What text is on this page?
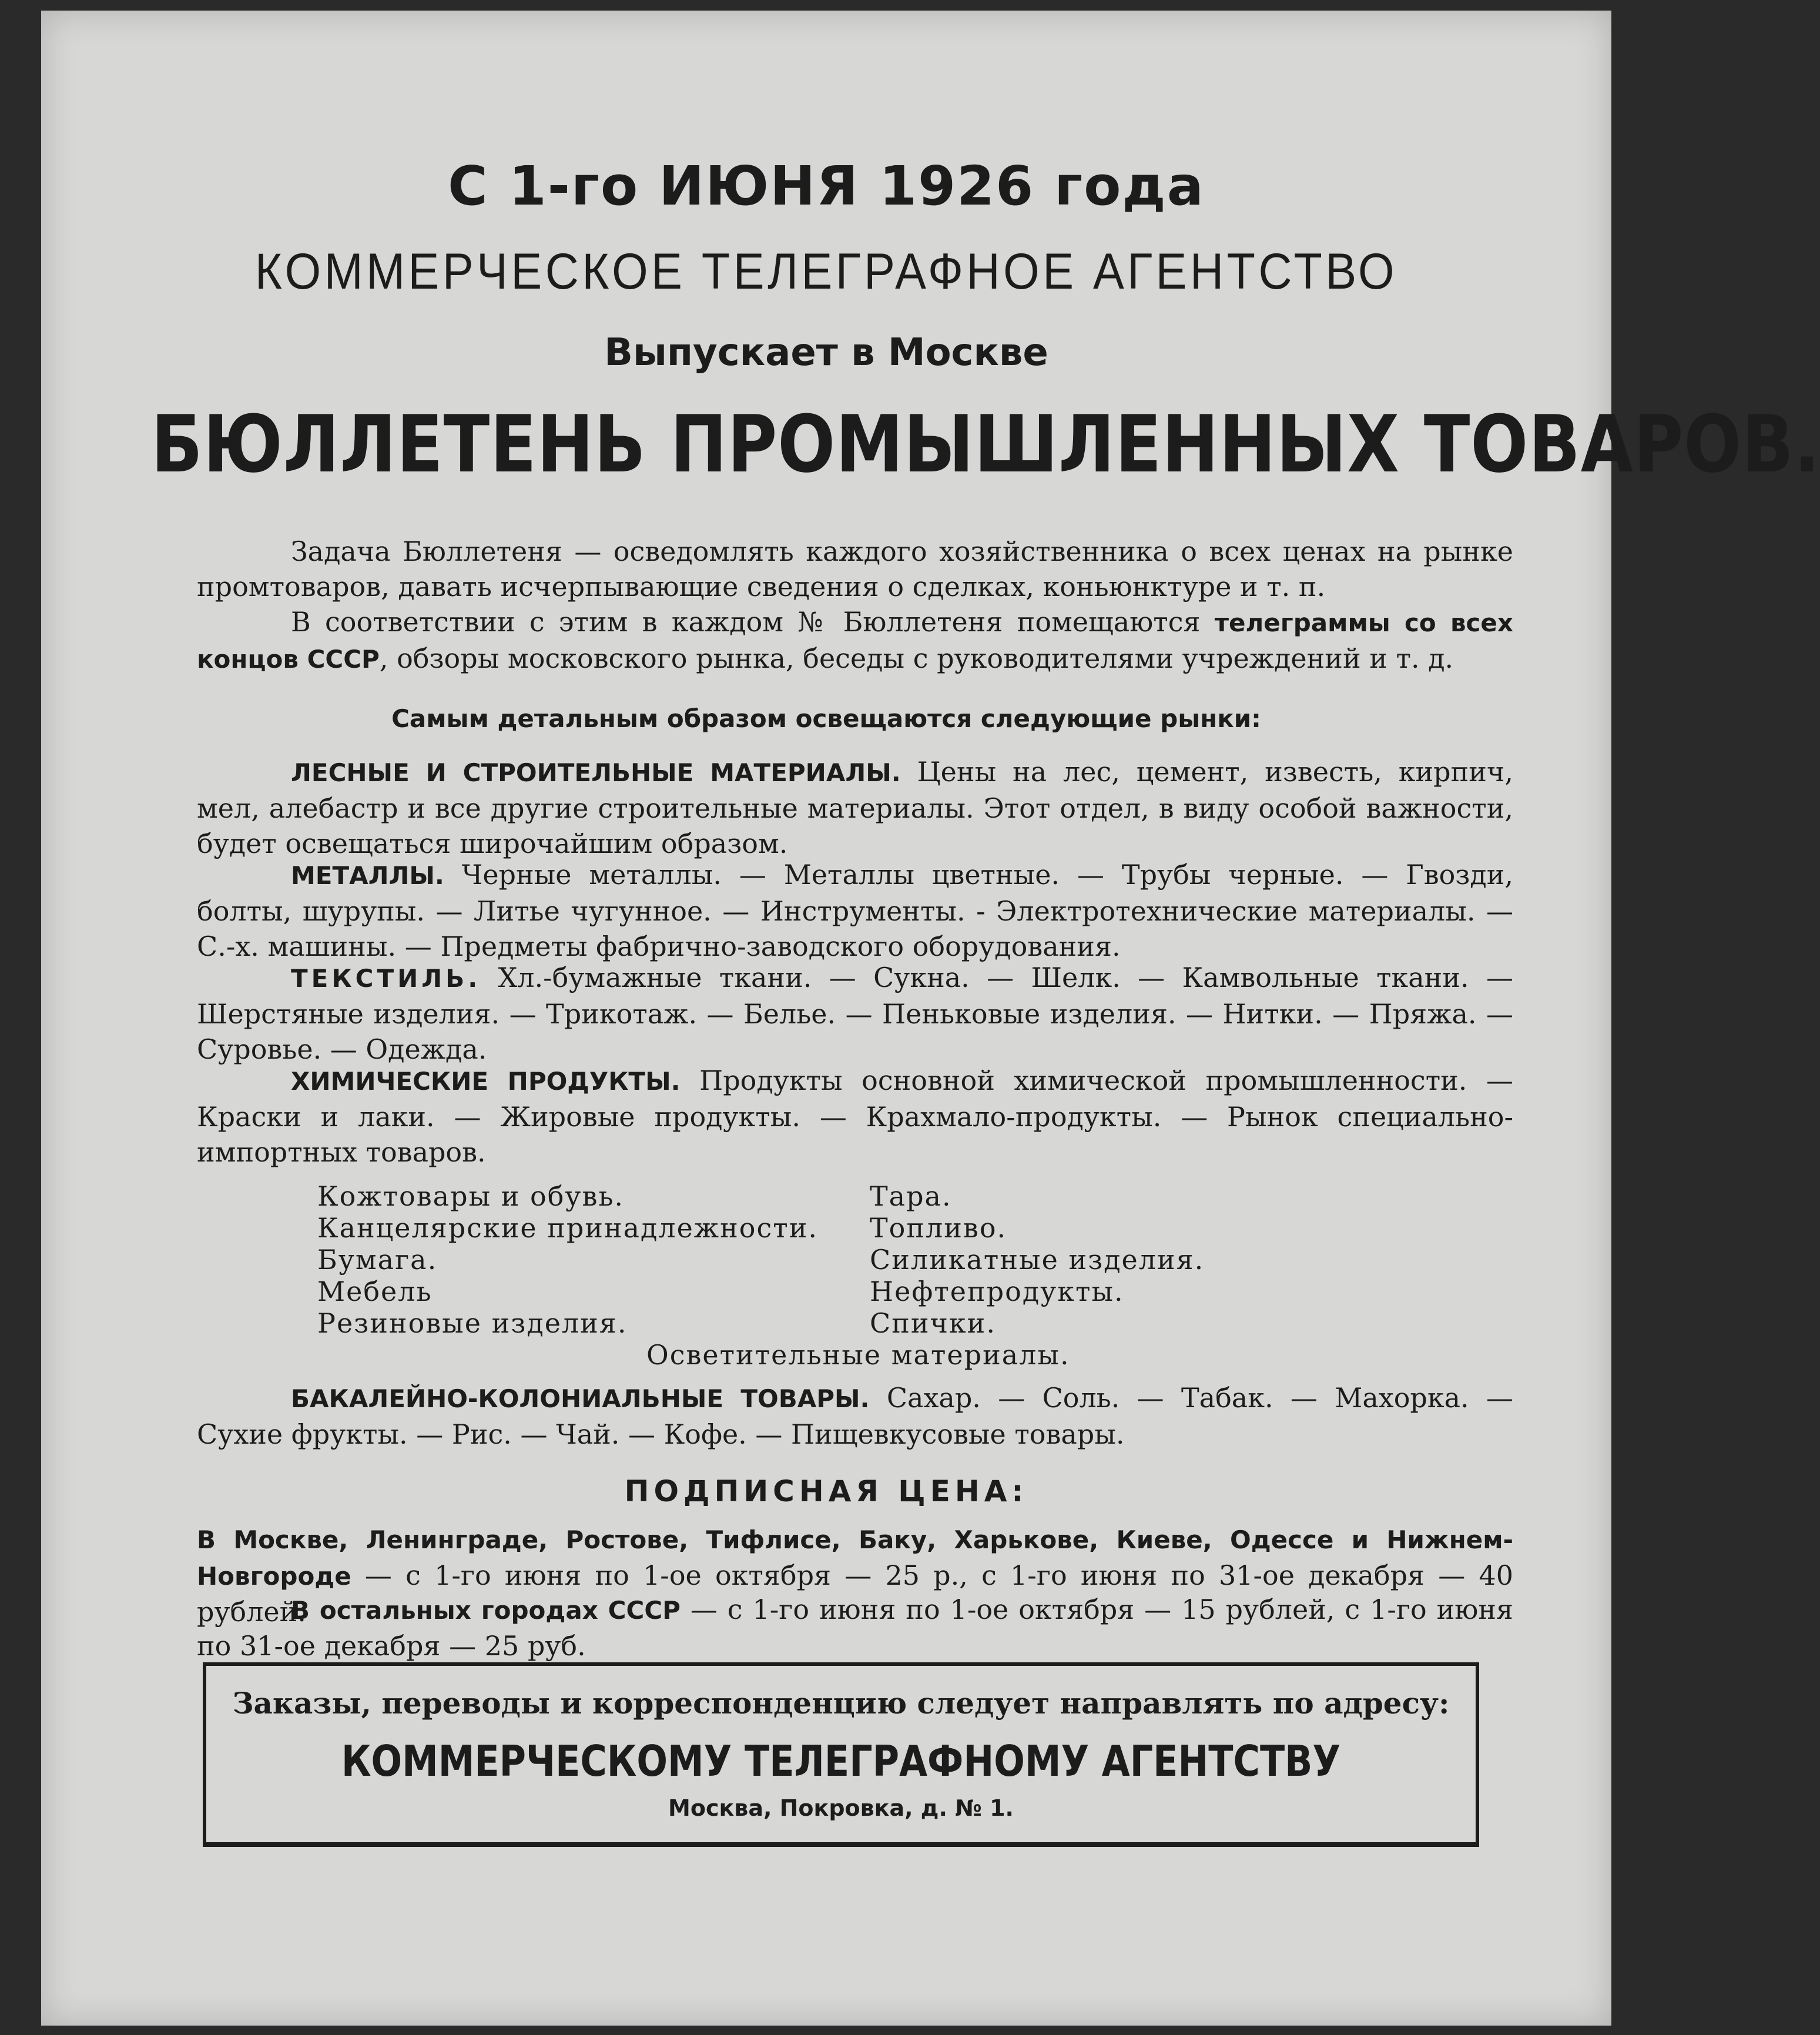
С 1-го ИЮНЯ 1926 года
КОММЕРЧЕСКОЕ ТЕЛЕГРАФНОЕ АГЕНТСТВО
Выпускает в Москве
БЮЛЛЕТЕНЬ ПРОМЫШЛЕННЫХ ТОВАРОВ.
Задача Бюллетеня — осведомлять каждого хозяйственника о всех ценах на рынке промтоваров, давать исчерпывающие сведения о сделках, коньюнктуре и т. п.
В соответствии с этим в каждом № Бюллетеня помещаются телеграммы со всех концов СССР, обзоры московского рынка, беседы с руководителями учреждений и т. д.
Самым детальным образом освещаются следующие рынки:
ЛЕСНЫЕ И СТРОИТЕЛЬНЫЕ МАТЕРИАЛЫ. Цены на лес, цемент, известь, кирпич, мел, алебастр и все другие строительные материалы. Этот отдел, в виду особой важности, будет освещаться широчайшим образом.
МЕТАЛЛЫ. Черные металлы. — Металлы цветные. — Трубы черные. — Гвозди, болты, шурупы. — Литье чугунное. — Инструменты. - Электротехнические материалы. — С.-х. машины. — Предметы фабрично-заводского оборудования.
ТЕКСТИЛЬ. Хл.-бумажные ткани. — Сукна. — Шелк. — Камвольные ткани. — Шерстяные изделия. — Трикотаж. — Белье. — Пеньковые изделия. — Нитки. — Пряжа. — Суровье. — Одежда.
ХИМИЧЕСКИЕ ПРОДУКТЫ. Продукты основной химической промышленности. — Краски и лаки. — Жировые продукты. — Крахмало-продукты. — Рынок специально-импортных товаров.
Кожтовары и обувь.
Канцелярские принадлежности.
Бумага.
Мебель
Резиновые изделия.
Тара.
Топливо.
Силикатные изделия.
Нефтепродукты.
Спички.
Осветительные материалы.
БАКАЛЕЙНО-КОЛОНИАЛЬНЫЕ ТОВАРЫ. Сахар. — Соль. — Табак. — Махорка. — Сухие фрукты. — Рис. — Чай. — Кофе. — Пищевкусовые товары.
ПОДПИСНАЯ ЦЕНА:
В Москве, Ленинграде, Ростове, Тифлисе, Баку, Харькове, Киеве, Одессе и Нижнем-Новгороде — с 1-го июня по 1-ое октября — 25 р., с 1-го июня по 31-ое декабря — 40 рублей.
В остальных городах СССР — с 1-го июня по 1-ое октября — 15 рублей, с 1-го июня по 31-ое декабря — 25 руб.
Заказы, переводы и корреспонденцию следует направлять по адресу:
КОММЕРЧЕСКОМУ ТЕЛЕГРАФНОМУ АГЕНТСТВУ
Москва, Покровка, д. № 1.
